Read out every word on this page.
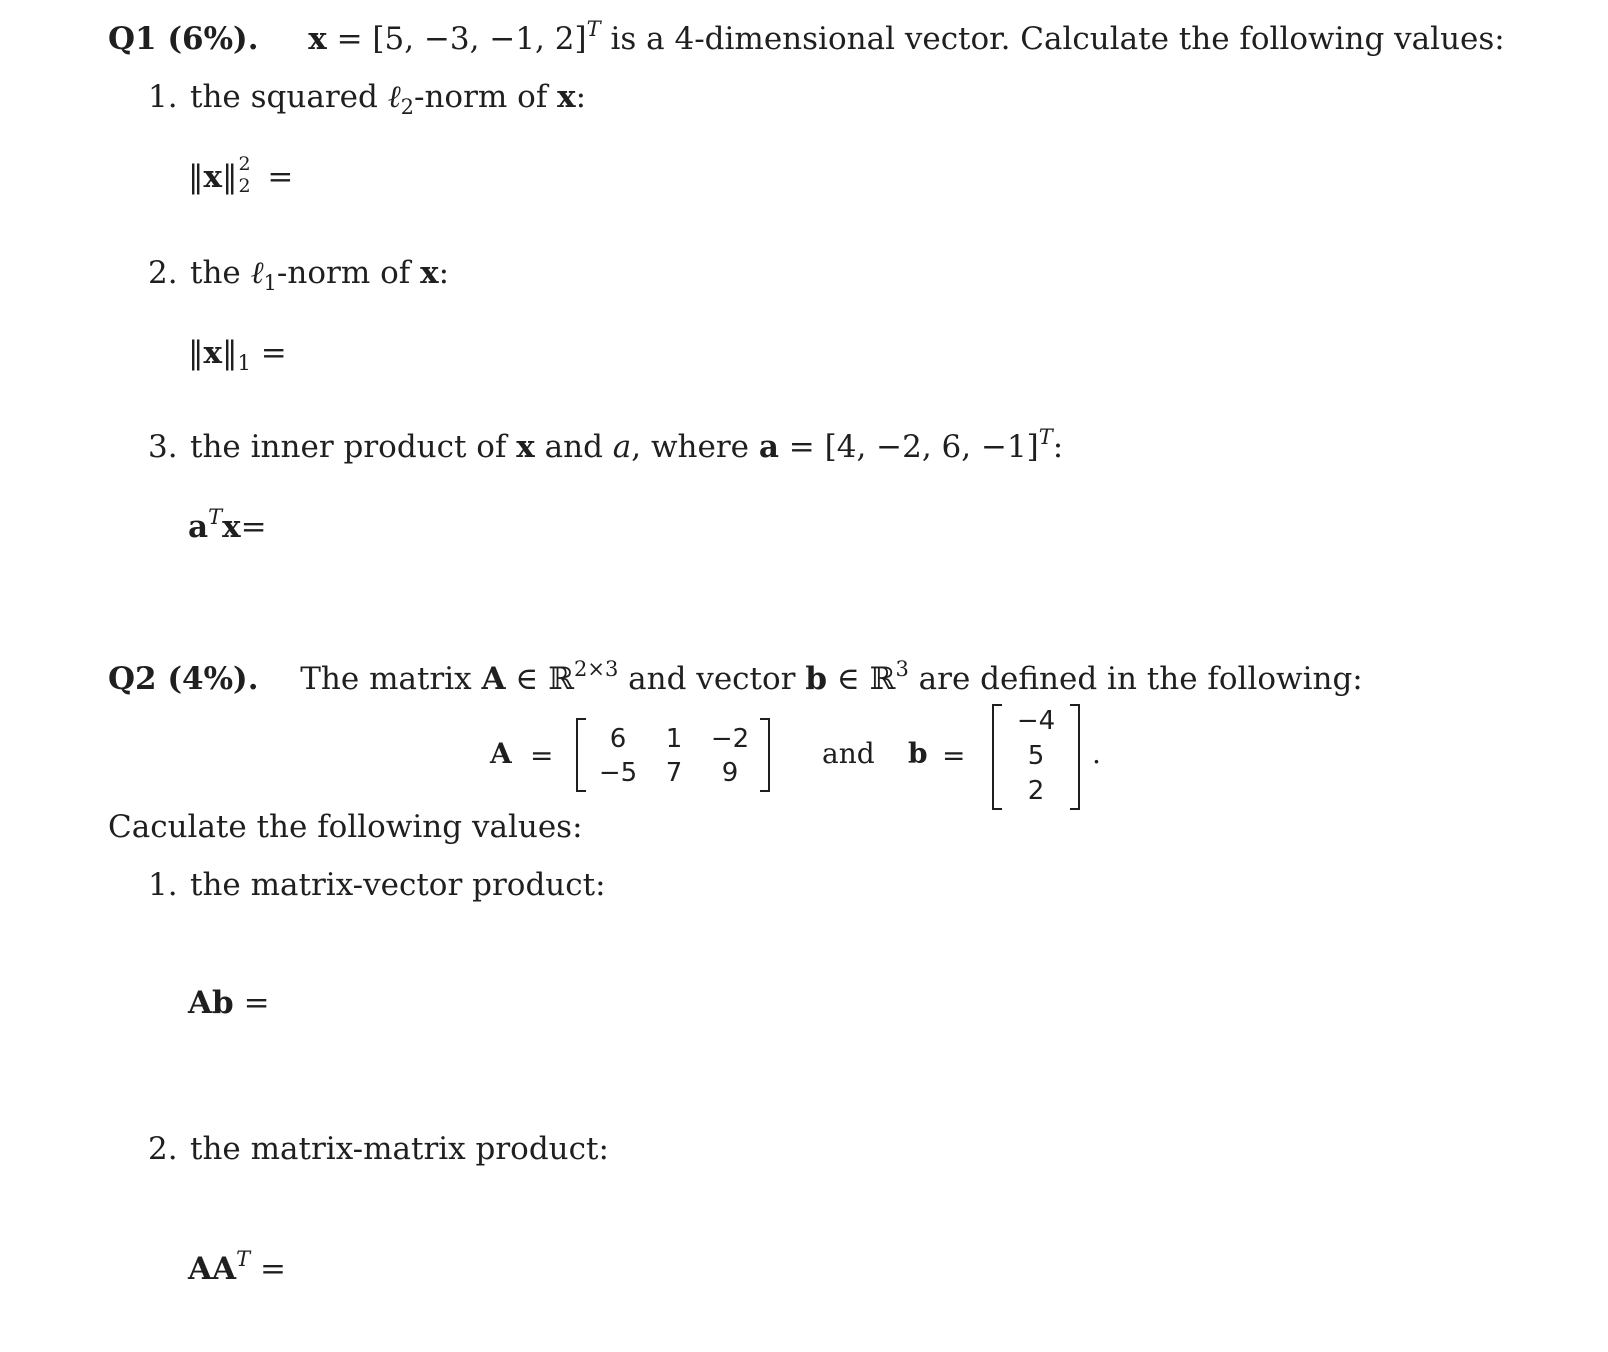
Q1 (6%). x = [5, −3, −1, 2]$^T$ is a 4-dimensional vector. Calculate the following values:
1. the squared ℓ$_2$-norm of x:
‖x‖ 2
2 =
2. the ℓ$_1$-norm of x:
$‖x‖_1$ =
3. the inner product of x and a, where a = [4, −2, 6, −1]$^T$:
$a^Tx=$
Q2 (4%). The matrix A ∈ ℝ$^{2\times 3}$ and vector b ∈ ℝ$^3$ are defined in the following:
A =	6	1	−2
−5	7	9
and b =
−4
5
2
.
Caculate the following values:
1. the matrix-vector product:
Ab =
2. the matrix-matrix product:
$AA^T$ =
